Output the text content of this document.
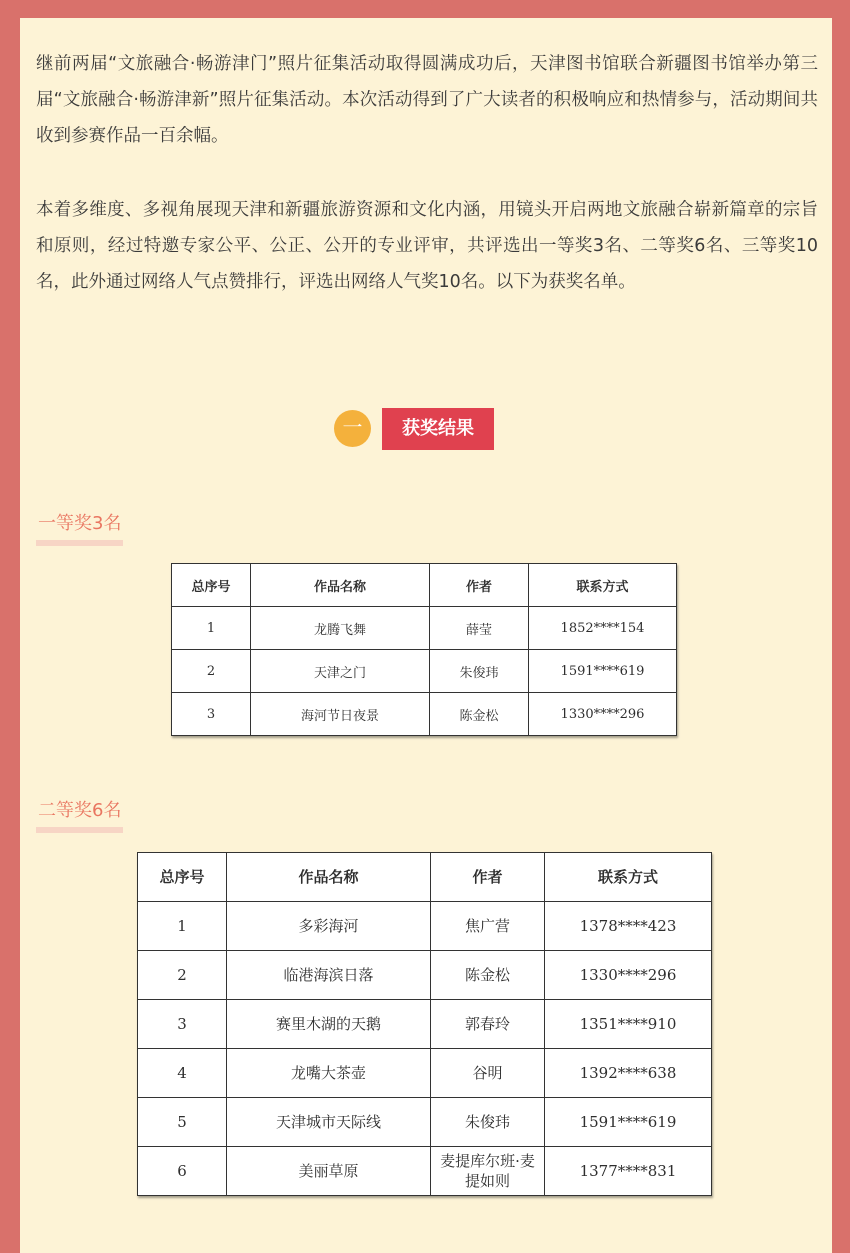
继前两届“文旅融合·畅游津门”照片征集活动取得圆满成功后，天津图书馆联合新疆图书馆举办第三届“文旅融合·畅游津新”照片征集活动。本次活动得到了广大读者的积极响应和热情参与，活动期间共收到参赛作品一百余幅。

本着多维度、多视角展现天津和新疆旅游资源和文化内涵，用镜头开启两地文旅融合崭新篇章的宗旨和原则，经过特邀专家公平、公正、公开的专业评审，共评选出一等奖3名、二等奖6名、三等奖10名，此外通过网络人气点赞排行，评选出网络人气奖10名。以下为获奖名单。

一	获奖结果
一等奖3名
总序号	作品名称	作者	联系方式
1	龙腾飞舞	薛莹	1852****154
2	天津之门	朱俊玮	1591****619
3	海河节日夜景	陈金松	1330****296
二等奖6名
总序号	作品名称	作者	联系方式
1	多彩海河	焦广营	1378****423
2	临港海滨日落	陈金松	1330****296
3	赛里木湖的天鹅	郭春玲	1351****910
4	龙嘴大茶壶	谷明	1392****638
5	天津城市天际线	朱俊玮	1591****619
6	美丽草原	麦提库尔班·麦提如则	1377****831
